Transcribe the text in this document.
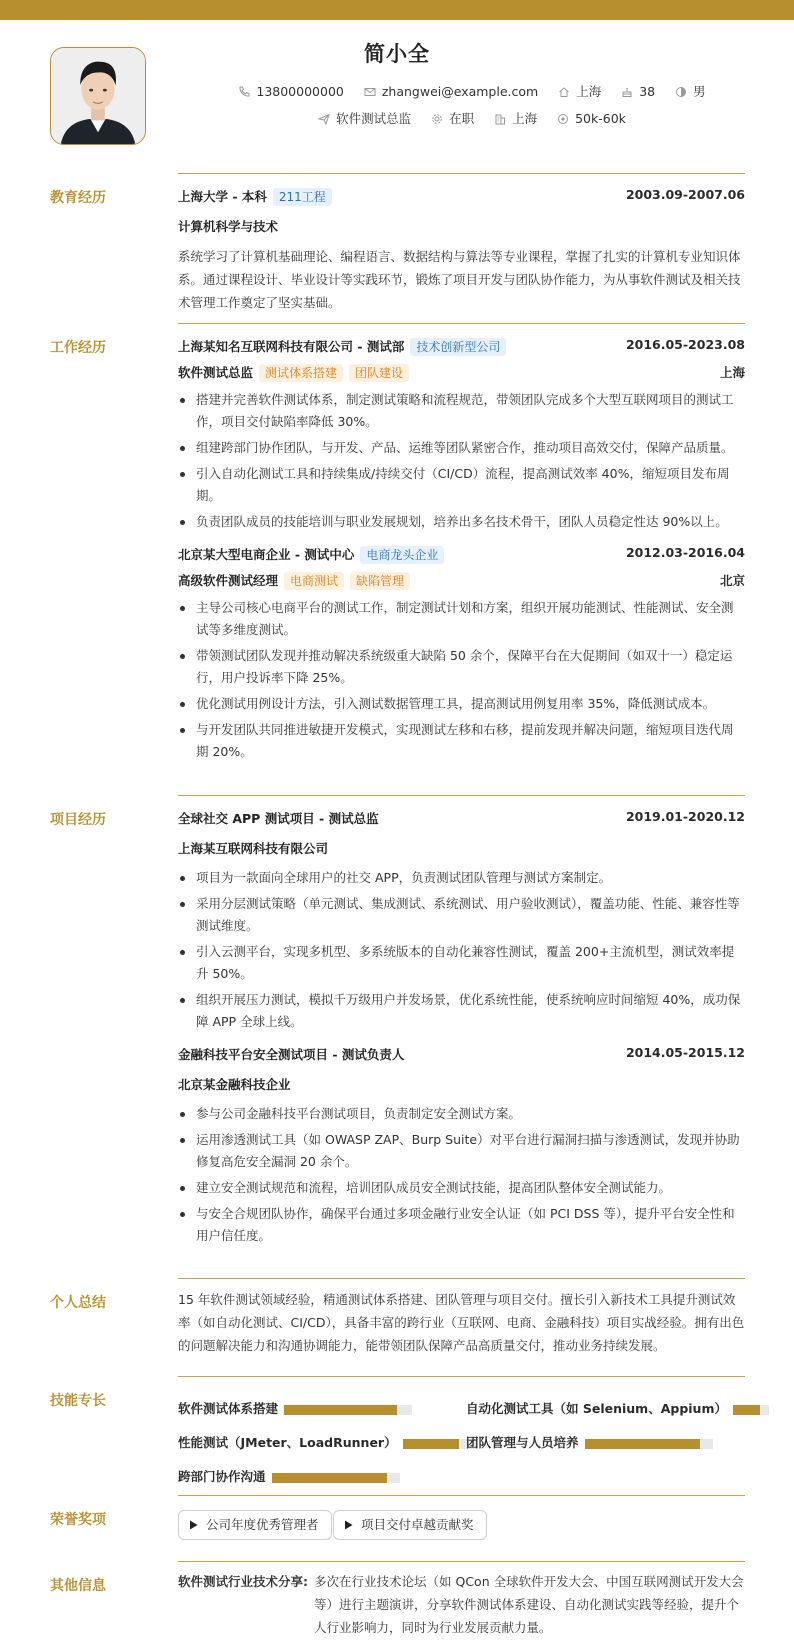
简小全
13800000000	zhangwei@example.com	上海	38	男
软件测试总监	在职	上海	50k-60k
教育经历	上海大学 - 本科 211工程	2003.09-2007.06
计算机科学与技术
系统学习了计算机基础理论、编程语言、数据结构与算法等专业课程，掌握了扎实的计算机专业知识体系。通过课程设计、毕业设计等实践环节，锻炼了项目开发与团队协作能力，为从事软件测试及相关技术管理工作奠定了坚实基础。
工作经历	上海某知名互联网科技有限公司 - 测试部 技术创新型公司	2016.05-2023.08
软件测试总监 测试体系搭建 团队建设	上海
搭建并完善软件测试体系，制定测试策略和流程规范，带领团队完成多个大型互联网项目的测试工作，项目交付缺陷率降低 30%。
组建跨部门协作团队，与开发、产品、运维等团队紧密合作，推动项目高效交付，保障产品质量。
引入自动化测试工具和持续集成/持续交付（CI/CD）流程，提高测试效率 40%，缩短项目发布周期。
负责团队成员的技能培训与职业发展规划，培养出多名技术骨干，团队人员稳定性达 90%以上。
北京某大型电商企业 - 测试中心 电商龙头企业	2012.03-2016.04
高级软件测试经理 电商测试 缺陷管理	北京
主导公司核心电商平台的测试工作，制定测试计划和方案，组织开展功能测试、性能测试、安全测试等多维度测试。
带领测试团队发现并推动解决系统级重大缺陷 50 余个，保障平台在大促期间（如双十一）稳定运行，用户投诉率下降 25%。
优化测试用例设计方法，引入测试数据管理工具，提高测试用例复用率 35%，降低测试成本。
与开发团队共同推进敏捷开发模式，实现测试左移和右移，提前发现并解决问题，缩短项目迭代周期 20%。
项目经历	全球社交 APP 测试项目 - 测试总监	2019.01-2020.12
上海某互联网科技有限公司
项目为一款面向全球用户的社交 APP，负责测试团队管理与测试方案制定。
采用分层测试策略（单元测试、集成测试、系统测试、用户验收测试），覆盖功能、性能、兼容性等测试维度。
引入云测平台，实现多机型、多系统版本的自动化兼容性测试，覆盖 200+主流机型，测试效率提升 50%。
组织开展压力测试，模拟千万级用户并发场景，优化系统性能，使系统响应时间缩短 40%，成功保障 APP 全球上线。
金融科技平台安全测试项目 - 测试负责人	2014.05-2015.12
北京某金融科技企业
参与公司金融科技平台测试项目，负责制定安全测试方案。
运用渗透测试工具（如 OWASP ZAP、Burp Suite）对平台进行漏洞扫描与渗透测试，发现并协助修复高危安全漏洞 20 余个。
建立安全测试规范和流程，培训团队成员安全测试技能，提高团队整体安全测试能力。
与安全合规团队协作，确保平台通过多项金融行业安全认证（如 PCI DSS 等），提升平台安全性和用户信任度。
个人总结	15 年软件测试领域经验，精通测试体系搭建、团队管理与项目交付。擅长引入新技术工具提升测试效率（如自动化测试、CI/CD），具备丰富的跨行业（互联网、电商、金融科技）项目实战经验。拥有出色的问题解决能力和沟通协调能力，能带领团队保障产品高质量交付，推动业务持续发展。
技能专长	软件测试体系搭建	自动化测试工具（如 Selenium、Appium）
性能测试（JMeter、LoadRunner）	团队管理与人员培养
跨部门协作沟通
荣誉奖项	公司年度优秀管理者	项目交付卓越贡献奖
其他信息	软件测试行业技术分享: 多次在行业技术论坛（如 QCon 全球软件开发大会、中国互联网测试开发大会等）进行主题演讲，分享软件测试体系建设、自动化测试实践等经验，提升个人行业影响力，同时为行业发展贡献力量。
